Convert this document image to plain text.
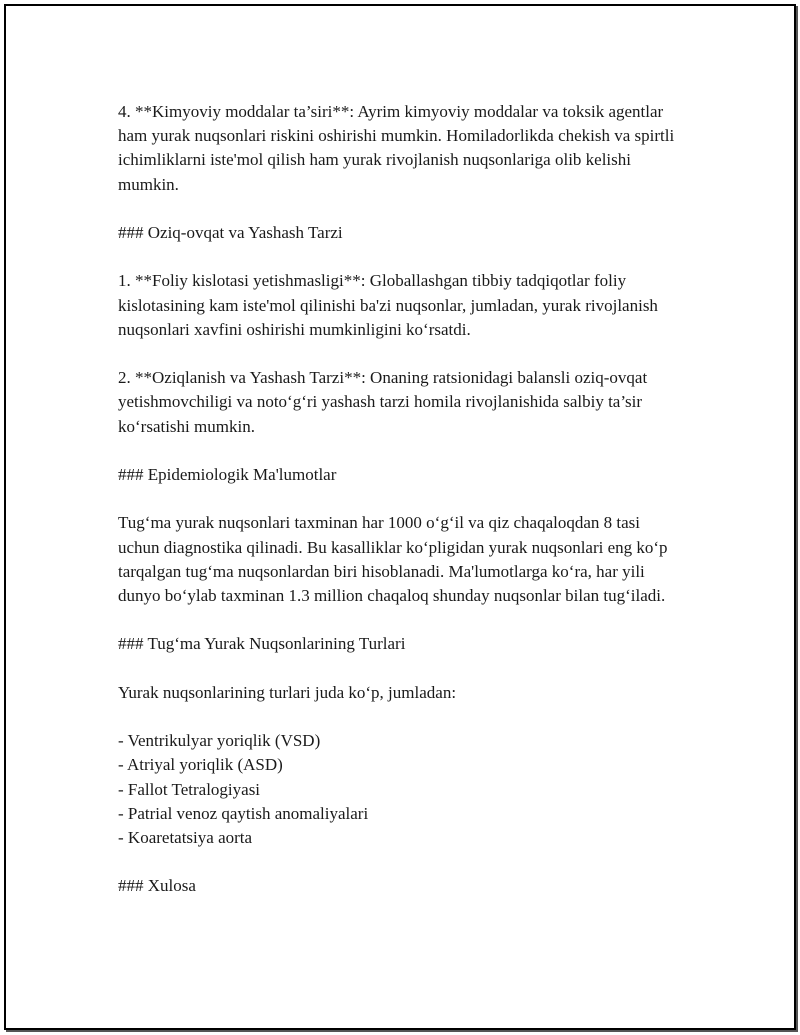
4. **Kimyoviy moddalar ta’siri**: Ayrim kimyoviy moddalar va toksik agentlar ham yurak nuqsonlari riskini oshirishi mumkin. Homiladorlikda chekish va spirtli ichimliklarni iste'mol qilish ham yurak rivojlanish nuqsonlariga olib kelishi mumkin.

### Oziq-ovqat va Yashash Tarzi

1. **Foliy kislotasi yetishmasligi**: Globallashgan tibbiy tadqiqotlar foliy kislotasining kam iste'mol qilinishi ba'zi nuqsonlar, jumladan, yurak rivojlanish nuqsonlari xavfini oshirishi mumkinligini ko‘rsatdi.

2. **Oziqlanish va Yashash Tarzi**: Onaning ratsionidagi balansli oziq-ovqat yetishmovchiligi va noto‘g‘ri yashash tarzi homila rivojlanishida salbiy ta’sir ko‘rsatishi mumkin.

### Epidemiologik Ma'lumotlar

Tug‘ma yurak nuqsonlari taxminan har 1000 o‘g‘il va qiz chaqaloqdan 8 tasi uchun diagnostika qilinadi. Bu kasalliklar ko‘pligidan yurak nuqsonlari eng ko‘p tarqalgan tug‘ma nuqsonlardan biri hisoblanadi. Ma'lumotlarga ko‘ra, har yili dunyo bo‘ylab taxminan 1.3 million chaqaloq shunday nuqsonlar bilan tug‘iladi.

### Tug‘ma Yurak Nuqsonlarining Turlari

Yurak nuqsonlarining turlari juda ko‘p, jumladan:

- Ventrikulyar yoriqlik (VSD)
- Atriyal yoriqlik (ASD)
- Fallot Tetralogiyasi
- Patrial venoz qaytish anomaliyalari
- Koaretatsiya aorta

### Xulosa
